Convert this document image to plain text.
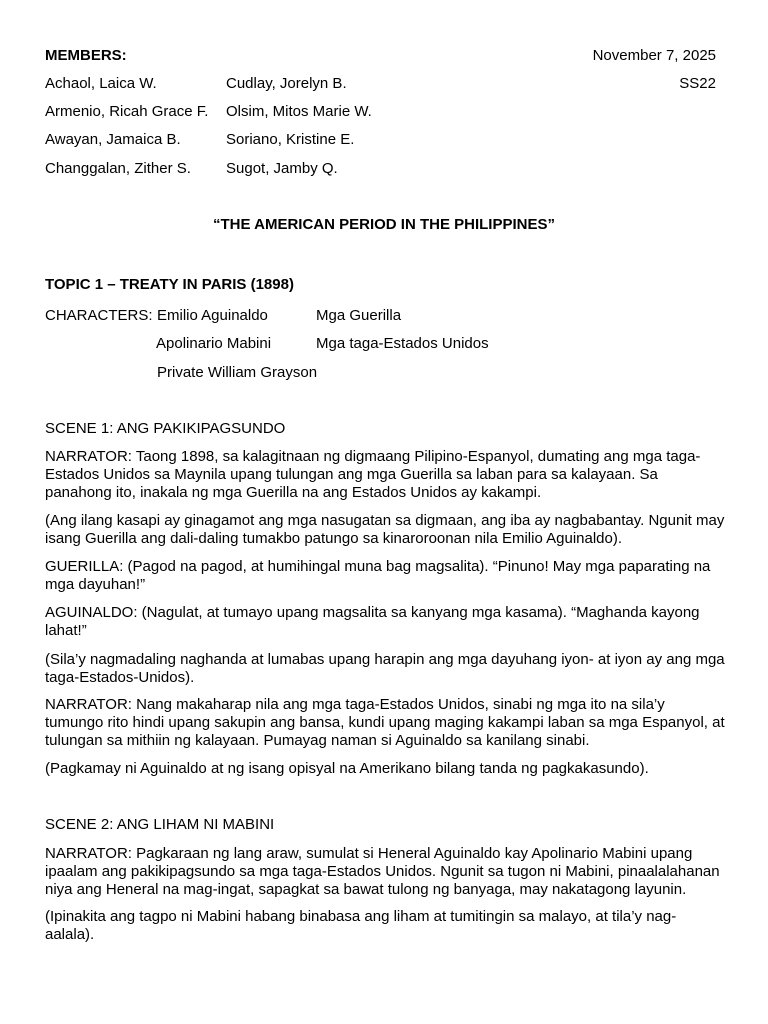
MEMBERS:	November 7, 2025
SS22
Achaol, Laica W.
Armenio, Ricah Grace F.
Awayan, Jamaica B.
Changgalan, Zither S.
Cudlay, Jorelyn B.
Olsim, Mitos Marie W.
Soriano, Kristine E.
Sugot, Jamby Q.
“THE AMERICAN PERIOD IN THE PHILIPPINES”
TOPIC 1 – TREATY IN PARIS (1898)
CHARACTERS: Emilio Aguinaldo
Apolinario Mabini
Private William Grayson
Mga Guerilla
Mga taga-Estados Unidos
SCENE 1: ANG PAKIKIPAGSUNDO
NARRATOR: Taong 1898, sa kalagitnaan ng digmaang Pilipino-Espanyol, dumating ang mga taga-Estados Unidos sa Maynila upang tulungan ang mga Guerilla sa laban para sa kalayaan. Sa panahong ito, inakala ng mga Guerilla na ang Estados Unidos ay kakampi.
(Ang ilang kasapi ay ginagamot ang mga nasugatan sa digmaan, ang iba ay nagbabantay. Ngunit may isang Guerilla ang dali-daling tumakbo patungo sa kinaroroonan nila Emilio Aguinaldo).
GUERILLA: (Pagod na pagod, at humihingal muna bag magsalita). “Pinuno! May mga paparating na mga dayuhan!”
AGUINALDO: (Nagulat, at tumayo upang magsalita sa kanyang mga kasama). “Maghanda kayong lahat!”
(Sila’y nagmadaling naghanda at lumabas upang harapin ang mga dayuhang iyon- at iyon ay ang mga taga-Estados-Unidos).
NARRATOR: Nang makaharap nila ang mga taga-Estados Unidos, sinabi ng mga ito na sila’y tumungo rito hindi upang sakupin ang bansa, kundi upang maging kakampi laban sa mga Espanyol, at tulungan sa mithiin ng kalayaan. Pumayag naman si Aguinaldo sa kanilang sinabi.
(Pagkamay ni Aguinaldo at ng isang opisyal na Amerikano bilang tanda ng pagkakasundo).
SCENE 2: ANG LIHAM NI MABINI
NARRATOR: Pagkaraan ng lang araw, sumulat si Heneral Aguinaldo kay Apolinario Mabini upang ipaalam ang pakikipagsundo sa mga taga-Estados Unidos. Ngunit sa tugon ni Mabini, pinaalalahanan niya ang Heneral na mag-ingat, sapagkat sa bawat tulong ng banyaga, may nakatagong layunin.
(Ipinakita ang tagpo ni Mabini habang binabasa ang liham at tumitingin sa malayo, at tila’y nag-aalala).
